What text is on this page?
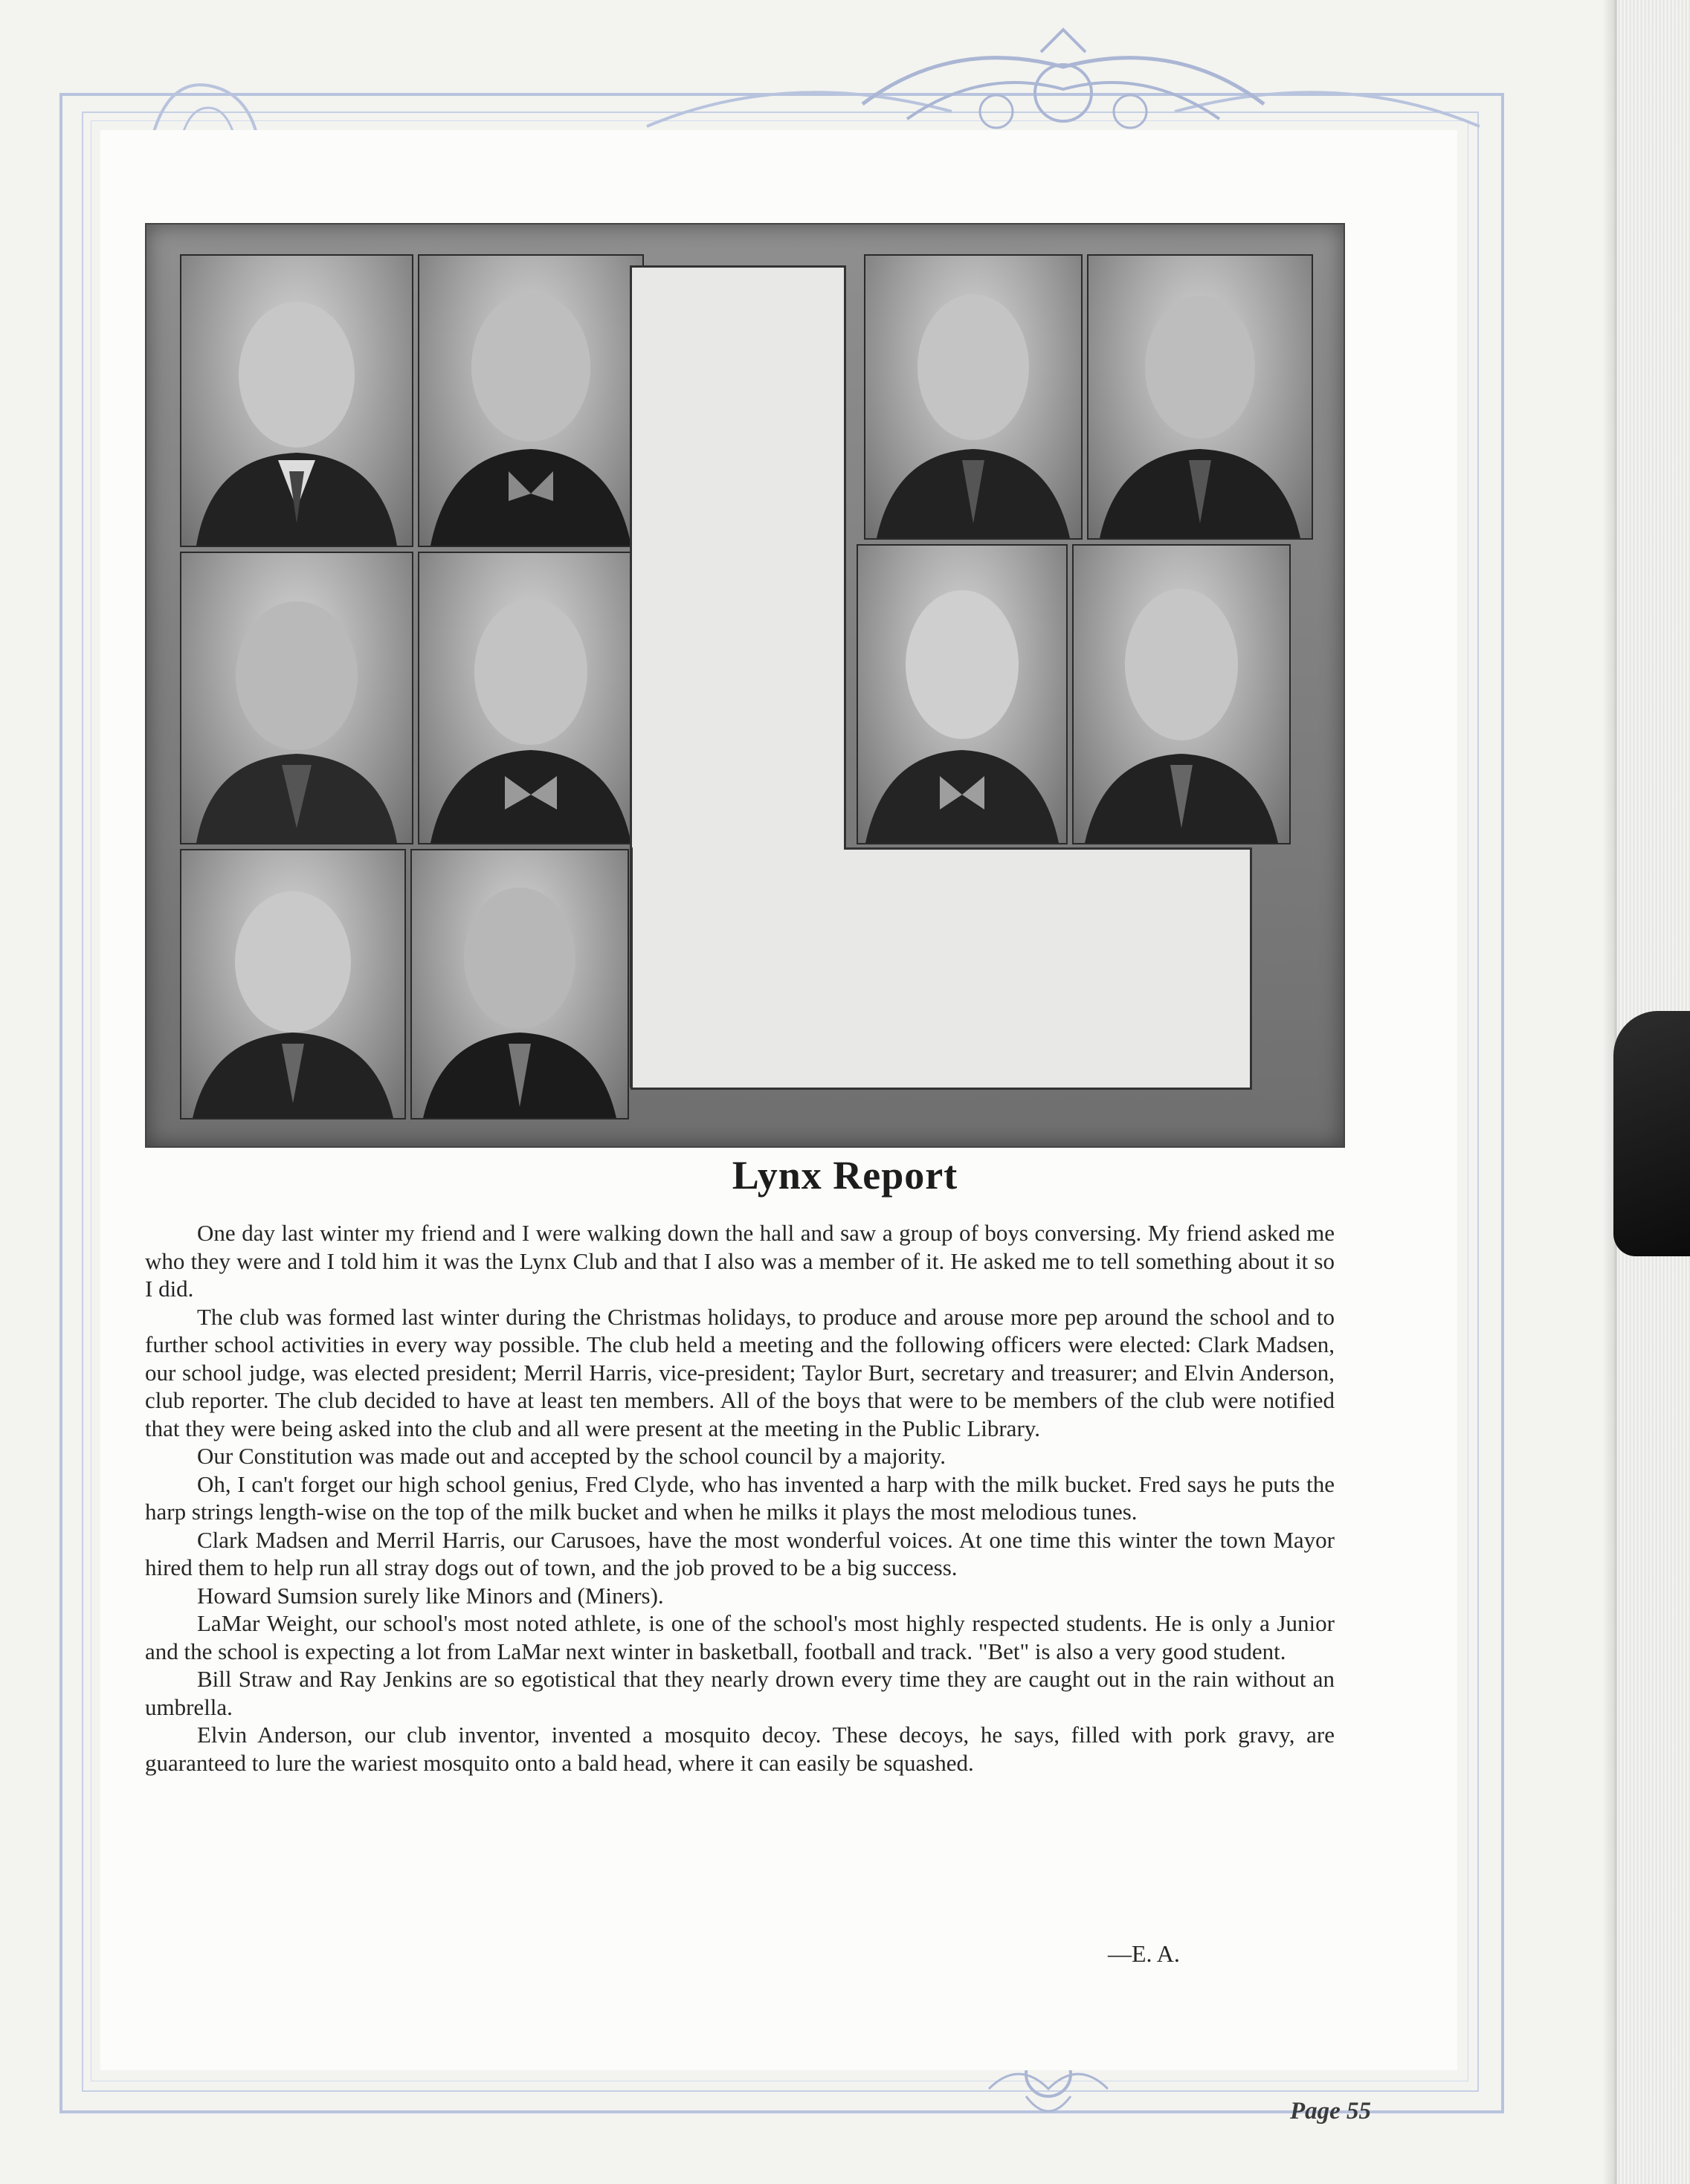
Lynx Report

One day last winter my friend and I were walking down the hall and saw a group of boys conversing. My friend asked me who they were and I told him it was the Lynx Club and that I also was a member of it. He asked me to tell something about it so I did.

The club was formed last winter during the Christmas holidays, to produce and arouse more pep around the school and to further school activities in every way possible. The club held a meeting and the following officers were elected: Clark Madsen, our school judge, was elected president; Merril Harris, vice-president; Taylor Burt, secretary and treasurer; and Elvin Anderson, club reporter. The club decided to have at least ten members. All of the boys that were to be members of the club were notified that they were being asked into the club and all were present at the meeting in the Public Library.

Our Constitution was made out and accepted by the school council by a majority.

Oh, I can't forget our high school genius, Fred Clyde, who has invented a harp with the milk bucket. Fred says he puts the harp strings length-wise on the top of the milk bucket and when he milks it plays the most melodious tunes.

Clark Madsen and Merril Harris, our Carusoes, have the most wonderful voices. At one time this winter the town Mayor hired them to help run all stray dogs out of town, and the job proved to be a big success.

Howard Sumsion surely like Minors and (Miners).

LaMar Weight, our school's most noted athlete, is one of the school's most highly respected students. He is only a Junior and the school is expecting a lot from LaMar next winter in basketball, football and track. "Bet" is also a very good student.

Bill Straw and Ray Jenkins are so egotistical that they nearly drown every time they are caught out in the rain without an umbrella.

Elvin Anderson, our club inventor, invented a mosquito decoy. These decoys, he says, filled with pork gravy, are guaranteed to lure the wariest mosquito onto a bald head, where it can easily be squashed.

—E. A.
Page 55
